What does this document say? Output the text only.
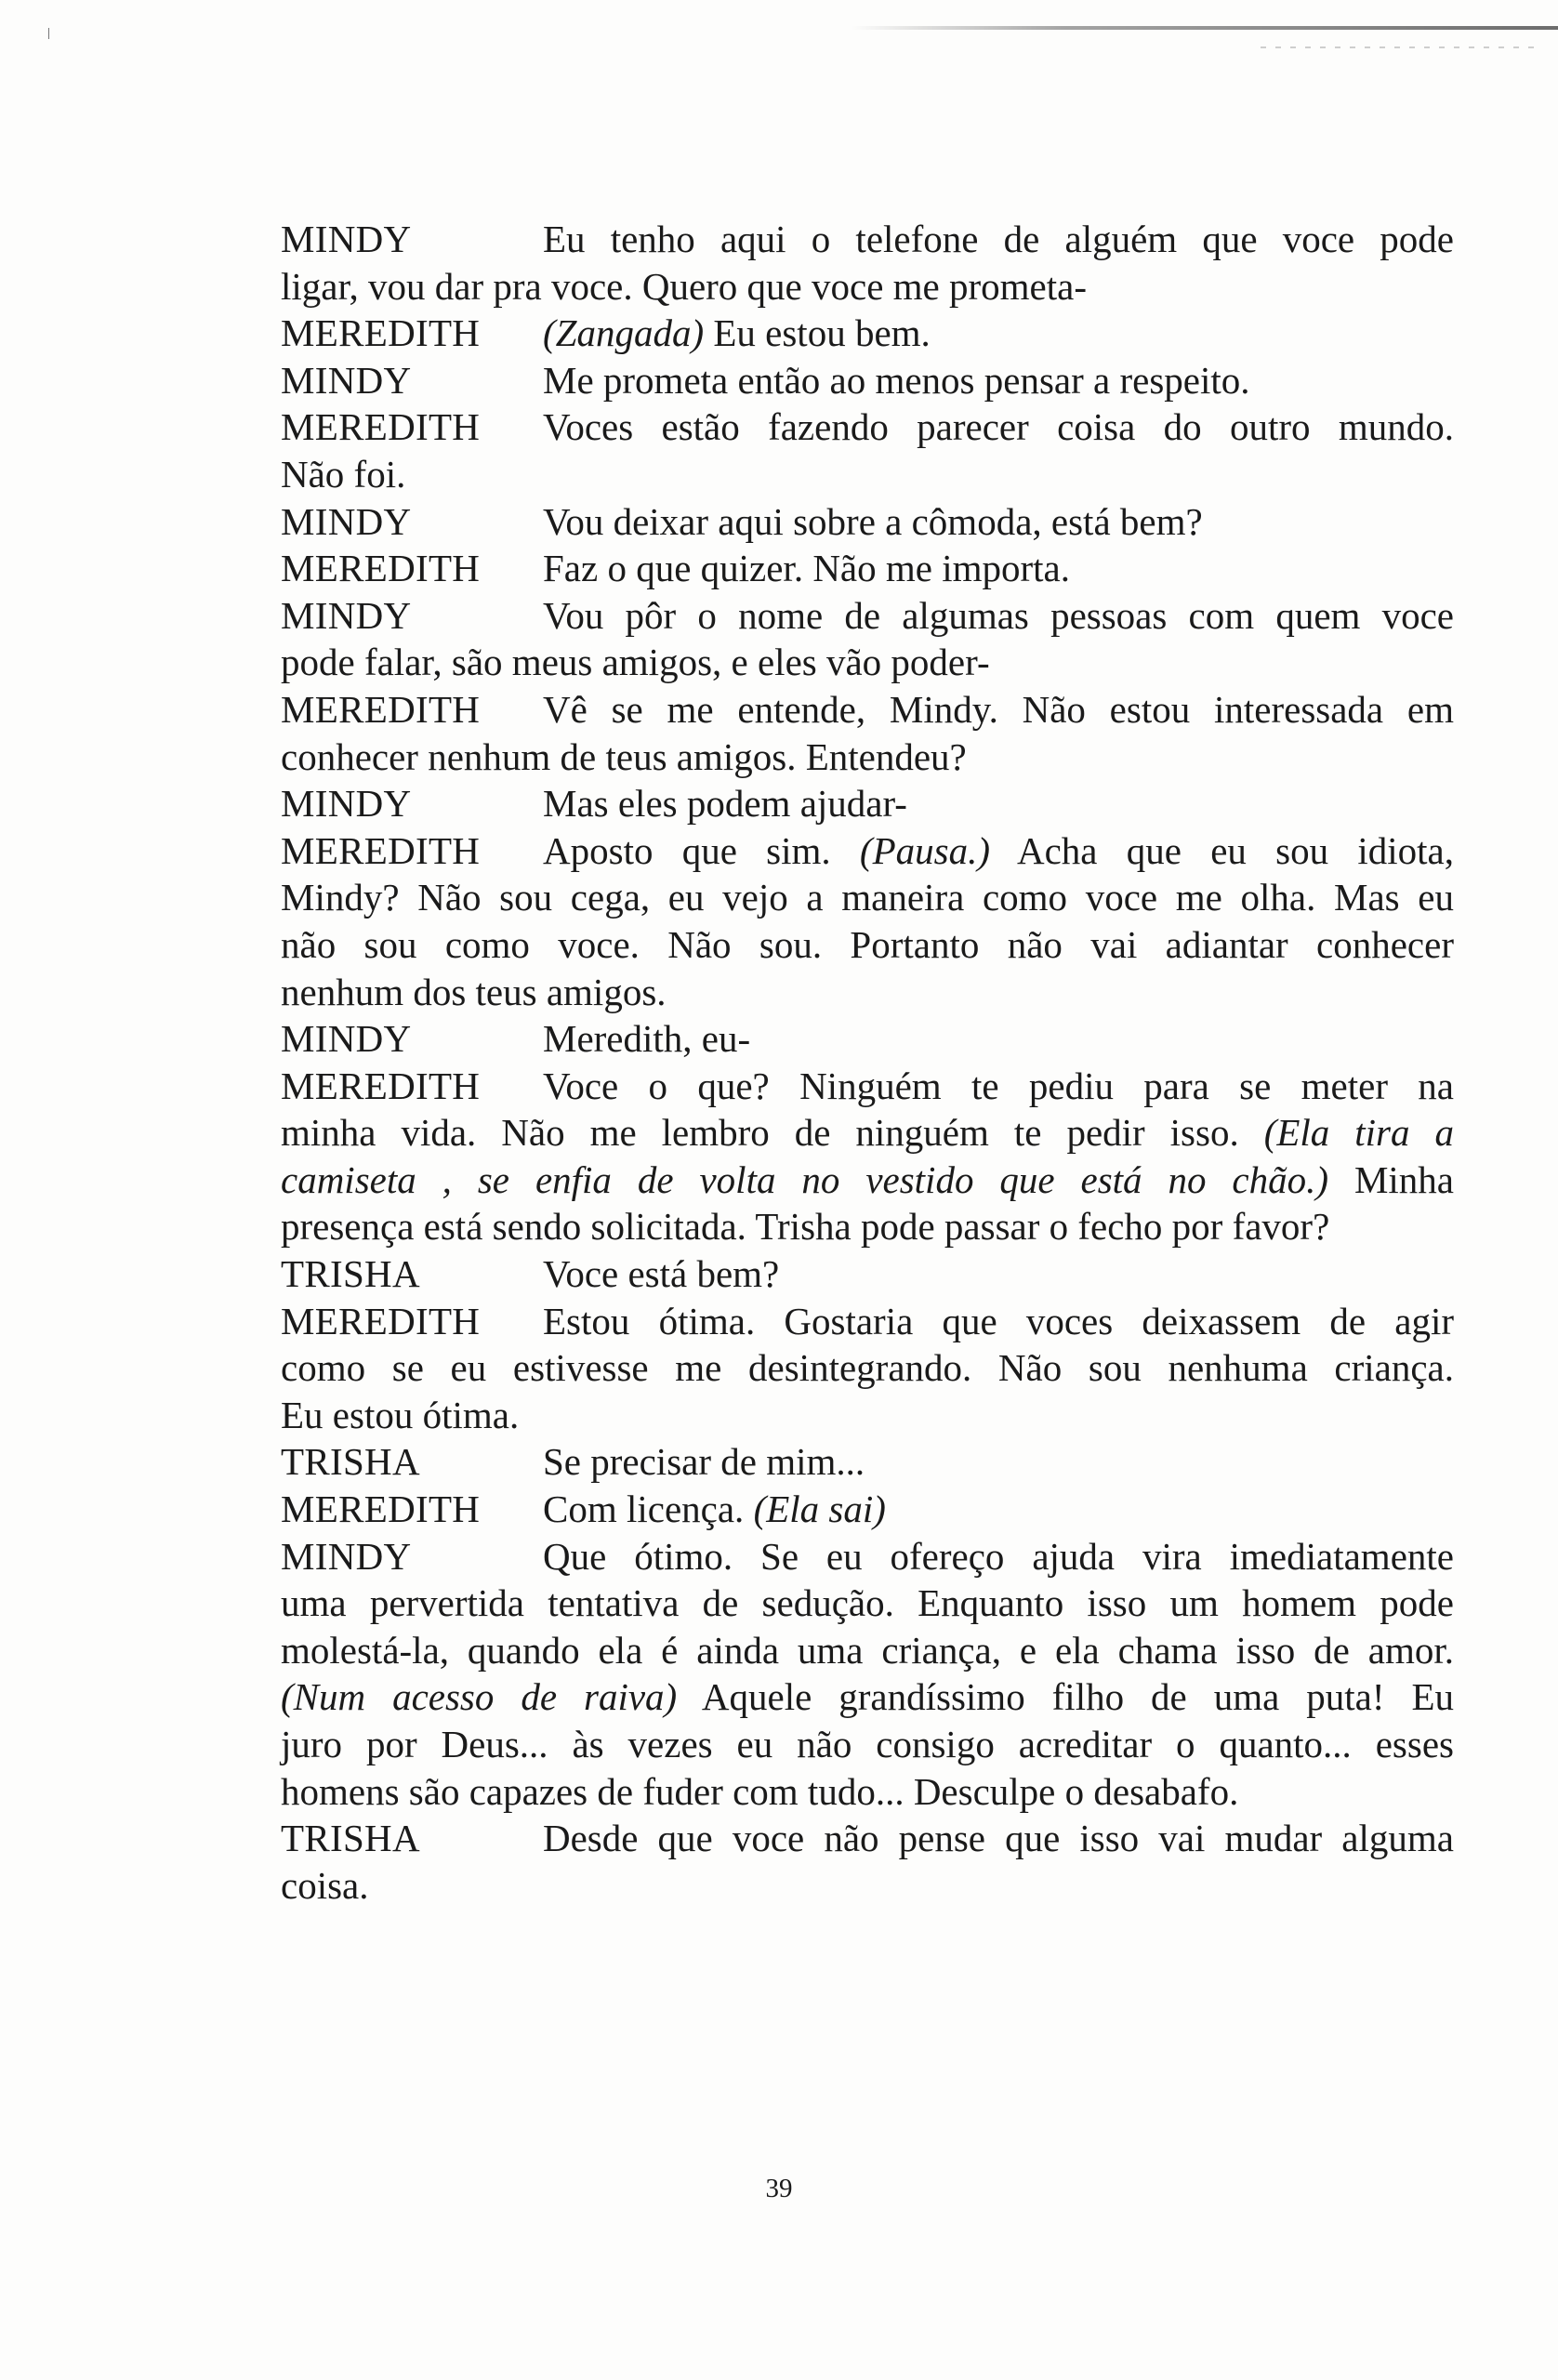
MINDY	Eu tenho aqui o telefone de alguém que voce pode
ligar, vou dar pra voce. Quero que voce me prometa-
MEREDITH (Zangada) Eu estou bem.
MINDY	Me prometa então ao menos pensar a respeito.
MEREDITH Voces estão fazendo parecer coisa do outro mundo.
Não foi.
MINDY	Vou deixar aqui sobre a cômoda, está bem?
MEREDITH Faz o que quizer. Não me importa.
MINDY	Vou pôr o nome de algumas pessoas com quem voce
pode falar, são meus amigos, e eles vão poder-
MEREDITH Vê se me entende, Mindy. Não estou interessada em
conhecer nenhum de teus amigos. Entendeu?
MINDY	Mas eles podem ajudar-
MEREDITH Aposto que sim. (Pausa.) Acha que eu sou idiota,
Mindy? Não sou cega, eu vejo a maneira como voce me olha. Mas eu
não sou como voce. Não sou. Portanto não vai adiantar conhecer
nenhum dos teus amigos.
MINDY	Meredith, eu-
MEREDITH Voce o que? Ninguém te pediu para se meter na
minha vida. Não me lembro de ninguém te pedir isso. (Ela tira a
camiseta , se enfia de volta no vestido que está no chão.) Minha
presença está sendo solicitada. Trisha pode passar o fecho por favor?
TRISHA	Voce está bem?
MEREDITH Estou ótima. Gostaria que voces deixassem de agir
como se eu estivesse me desintegrando. Não sou nenhuma criança.
Eu estou ótima.
TRISHA	Se precisar de mim...
MEREDITH Com licença. (Ela sai)
MINDY	Que ótimo. Se eu ofereço ajuda vira imediatamente
uma pervertida tentativa de sedução. Enquanto isso um homem pode
molestá-la, quando ela é ainda uma criança, e ela chama isso de amor.
(Num acesso de raiva) Aquele grandíssimo filho de uma puta! Eu
juro por Deus... às vezes eu não consigo acreditar o quanto... esses
homens são capazes de fuder com tudo... Desculpe o desabafo.
TRISHA	Desde que voce não pense que isso vai mudar alguma
coisa.
39
